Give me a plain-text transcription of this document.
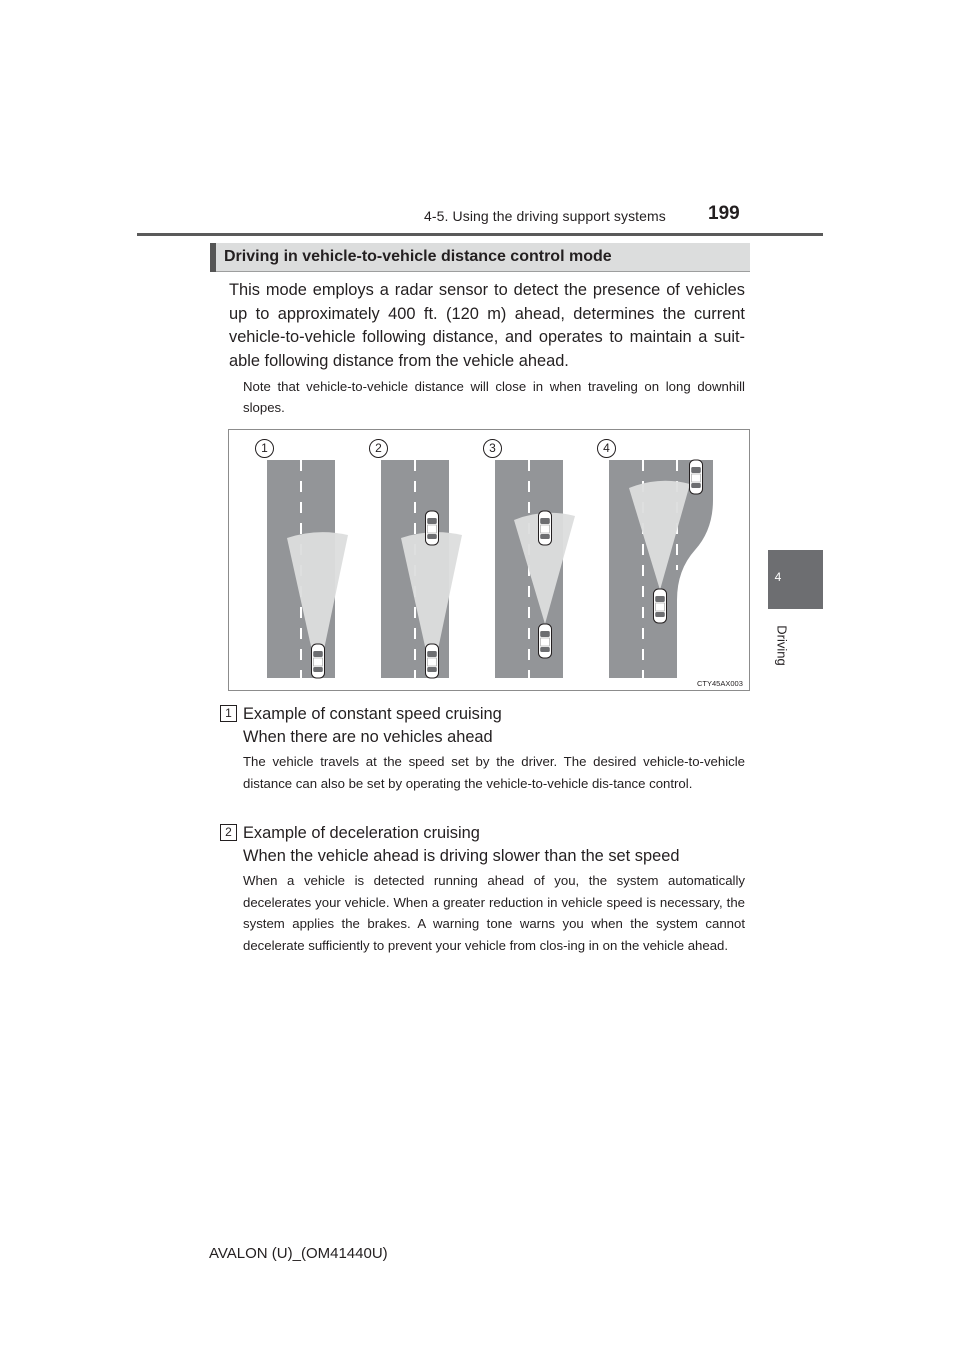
4-5. Using the driving support systems 199
4
Driving
Driving in vehicle-to-vehicle distance control mode
This mode employs a radar sensor to detect the presence of vehicles up to approximately 400 ft. (120 m) ahead, determines the current vehicle-to-vehicle following distance, and operates to maintain a suit-able following distance from the vehicle ahead.
Note that vehicle-to-vehicle distance will close in when traveling on long downhill slopes.
CTY45AX003
1	2	3	4
1 Example of constant speed cruising
When there are no vehicles ahead
The vehicle travels at the speed set by the driver. The desired vehicle-to-vehicle distance can also be set by operating the vehicle-to-vehicle dis-tance control.
2 Example of deceleration cruising
When the vehicle ahead is driving slower than the set speed
When a vehicle is detected running ahead of you, the system automatically decelerates your vehicle. When a greater reduction in vehicle speed is necessary, the system applies the brakes. A warning tone warns you when the system cannot decelerate sufficiently to prevent your vehicle from clos-ing in on the vehicle ahead.
AVALON (U)_(OM41440U)
